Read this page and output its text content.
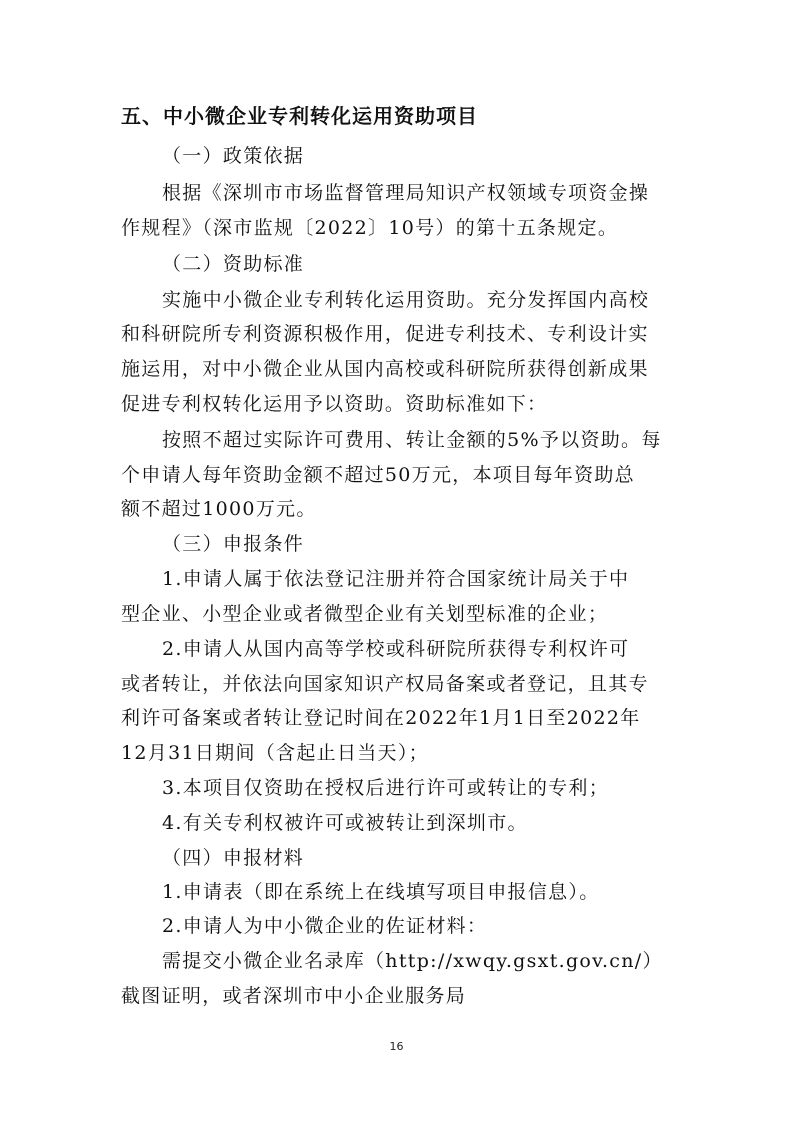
五、中小微企业专利转化运用资助项目
（一）政策依据
根据《深圳市市场监督管理局知识产权领域专项资金操
作规程》（深市监规〔2022〕10号）的第十五条规定。
（二）资助标准
实施中小微企业专利转化运用资助。充分发挥国内高校
和科研院所专利资源积极作用，促进专利技术、专利设计实
施运用，对中小微企业从国内高校或科研院所获得创新成果
促进专利权转化运用予以资助。资助标准如下：
按照不超过实际许可费用、转让金额的5%予以资助。每
个申请人每年资助金额不超过50万元，本项目每年资助总
额不超过1000万元。
（三）申报条件
1.申请人属于依法登记注册并符合国家统计局关于中
型企业、小型企业或者微型企业有关划型标准的企业；
2.申请人从国内高等学校或科研院所获得专利权许可
或者转让，并依法向国家知识产权局备案或者登记，且其专
利许可备案或者转让登记时间在2022年1月1日至2022年
12月31日期间（含起止日当天）；
3.本项目仅资助在授权后进行许可或转让的专利；
4.有关专利权被许可或被转让到深圳市。
（四）申报材料
1.申请表（即在系统上在线填写项目申报信息）。
2.申请人为中小微企业的佐证材料：
需提交小微企业名录库（http://xwqy.gsxt.gov.cn/）
截图证明，或者深圳市中小企业服务局
16
